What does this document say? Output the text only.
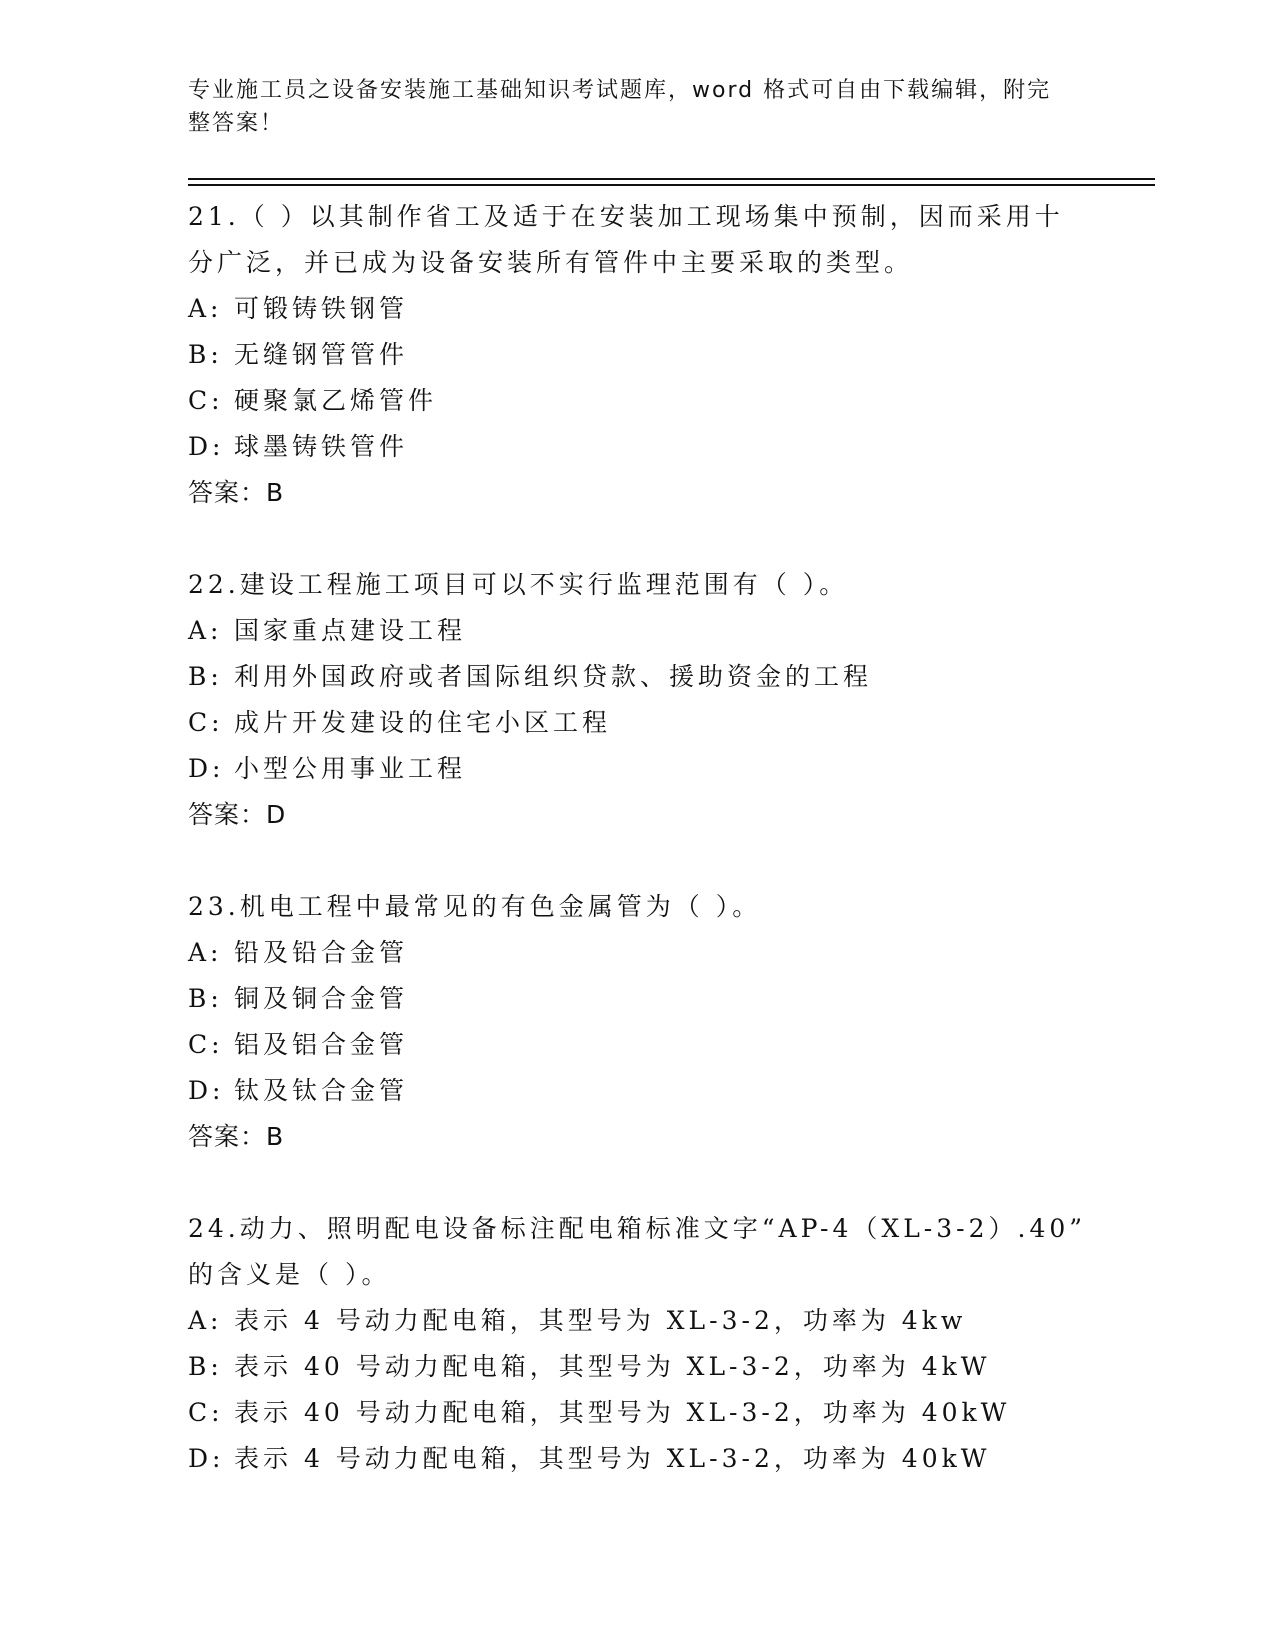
专业施工员之设备安装施工基础知识考试题库，word 格式可自由下载编辑，附完
整答案！

21.（ ）以其制作省工及适于在安装加工现场集中预制，因而采用十

分广泛，并已成为设备安装所有管件中主要采取的类型。

A: 可锻铸铁钢管

B: 无缝钢管管件

C: 硬聚氯乙烯管件

D: 球墨铸铁管件

答案：B

22.建设工程施工项目可以不实行监理范围有（ ）。

A: 国家重点建设工程

B: 利用外国政府或者国际组织贷款、援助资金的工程

C: 成片开发建设的住宅小区工程

D: 小型公用事业工程

答案：D

23.机电工程中最常见的有色金属管为（ ）。

A: 铅及铅合金管

B: 铜及铜合金管

C: 铝及铝合金管

D: 钛及钛合金管

答案：B

24.动力、照明配电设备标注配电箱标准文字“AP-4（XL-3-2）.40”

的含义是（ ）。

A: 表示 4 号动力配电箱，其型号为 XL-3-2，功率为 4kw

B: 表示 40 号动力配电箱，其型号为 XL-3-2，功率为 4kW

C: 表示 40 号动力配电箱，其型号为 XL-3-2，功率为 40kW

D: 表示 4 号动力配电箱，其型号为 XL-3-2，功率为 40kW
